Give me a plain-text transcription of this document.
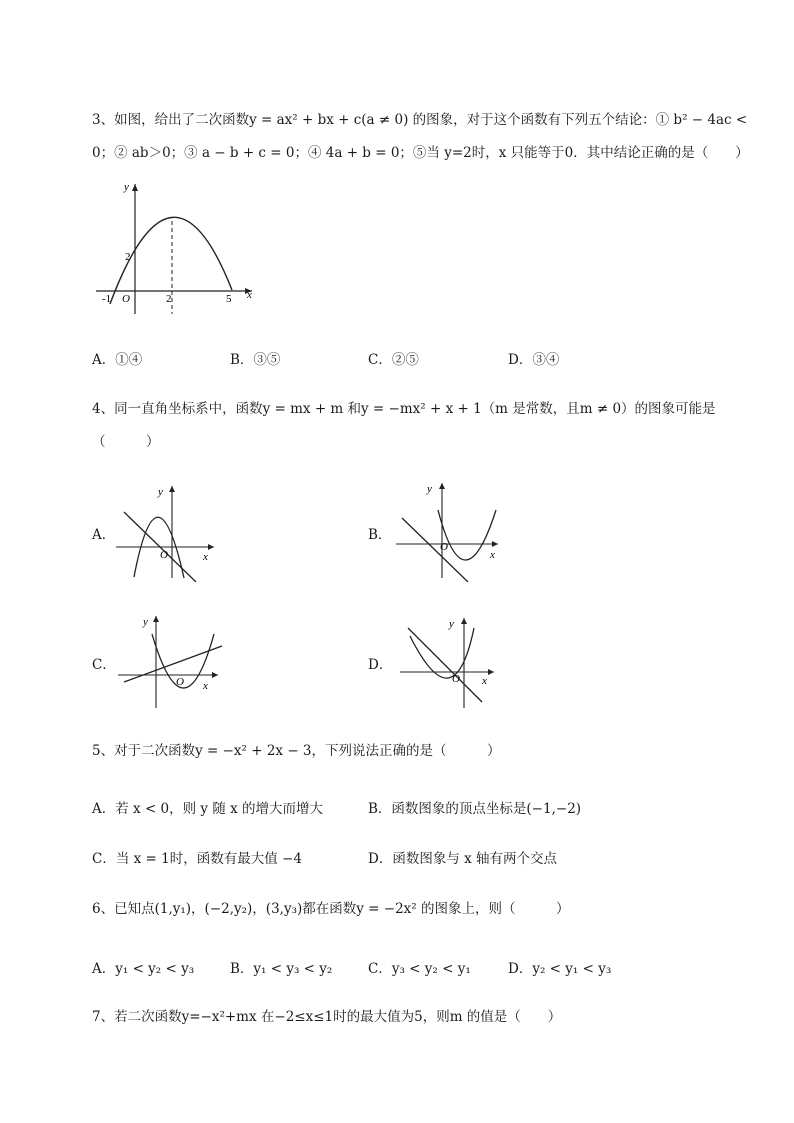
3、如图，给出了二次函数y = ax² + bx + c(a ≠ 0) 的图象，对于这个函数有下列五个结论：① b² − 4ac <
0；② ab＞0；③ a − b + c = 0；④ 4a + b = 0；⑤当 y=2时，x 只能等于0．其中结论正确的是（　　）
y
x
O
-1	2	5
2
A．①④	B．③⑤	C．②⑤	D．③④
4、同一直角坐标系中，函数y = mx + m 和y = −mx² + x + 1（m 是常数，且m ≠ 0）的图象可能是
（　　　）
A．
y
x
O
B．
y
x
O
C．
y
x
O
D．
y
x
O
5、对于二次函数y = −x² + 2x − 3，下列说法正确的是（　　　）
A．若 x < 0，则 y 随 x 的增大而增大	B．函数图象的顶点坐标是(−1,−2)
C．当 x = 1时，函数有最大值 −4	D．函数图象与 x 轴有两个交点
6、已知点(1,y₁)，(−2,y₂)，(3,y₃)都在函数y = −2x² 的图象上，则（　　　）
A．y₁ < y₂ < y₃	B．y₁ < y₃ < y₂	C．y₃ < y₂ < y₁	D．y₂ < y₁ < y₃
7、若二次函数y=−x²+mx 在−2≤x≤1时的最大值为5，则m 的值是（　　）
